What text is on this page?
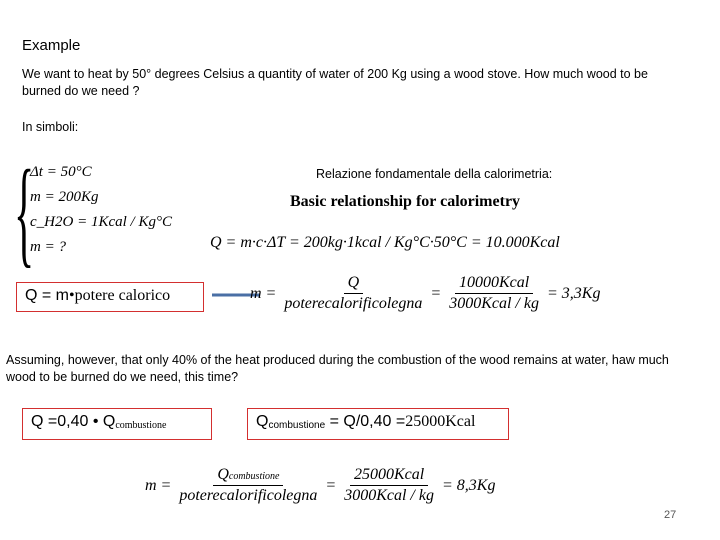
Example
We want to heat by 50° degrees Celsius a quantity of water of 200 Kg using a wood stove. How much wood to be burned do we need ?
In simboli:
{
Δt = 50°C
m = 200Kg
c_H2O = 1Kcal / Kg°C
m = ?
Relazione fondamentale della calorimetria:
Basic relationship for calorimetry
Q = m·c·ΔT = 200kg·1kcal / Kg°C·50°C = 10.000Kcal
Q = m•potere calorico	$m = \frac{Q}{\text{poterecalorificolegna}} = \frac{\text{10000Kcal}}{\text{3000Kcal / kg}} = 3,3Kg$
Assuming, however, that only 40% of the heat produced during the combustion of the wood remains at water, haw much wood to be burned do we need, this time?
Q =0,40 • Qcombustione	Qcombustione = Q/0,40 =25000Kcal
$m = \frac{\text{Qcombustione}}{\text{poterecalorificolegna}} = \frac{\text{25000Kcal}}{\text{3000Kcal / kg}} = 8,3Kg$
27
